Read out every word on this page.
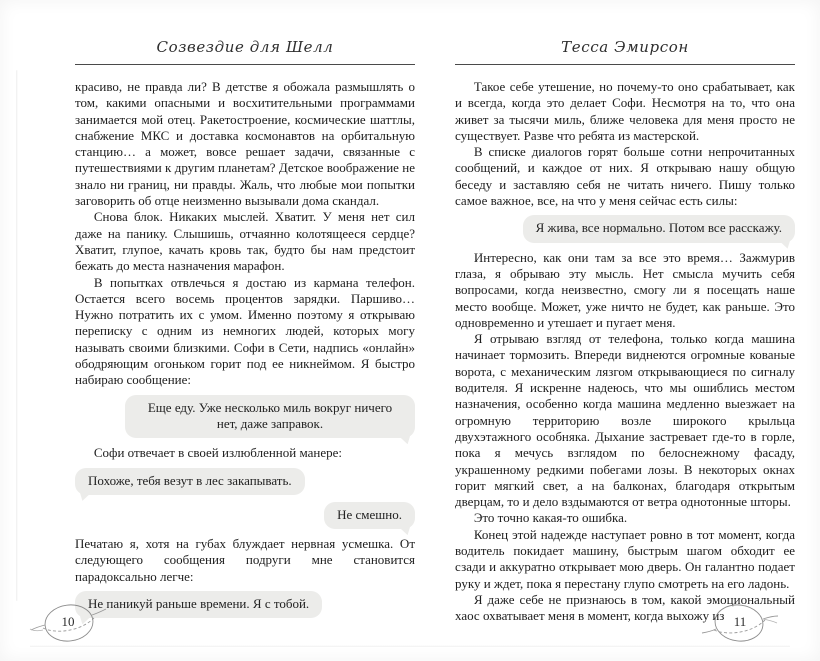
Созвездие для Шелл

красиво, не правда ли? В детстве я обожала размышлять о том, какими опасными и восхитительными программами занимается мой отец. Ракетостроение, космические шаттлы, снабжение МКС и доставка космонавтов на орбитальную станцию… а может, вовсе решает задачи, связанные с путешествиями к другим планетам? Детское воображение не знало ни границ, ни правды. Жаль, что любые мои попытки заговорить об отце неизменно вызывали дома скандал.

Снова блок. Никаких мыслей. Хватит. У меня нет сил даже на панику. Слышишь, отчаянно колотящееся сердце? Хватит, глупое, качать кровь так, будто бы нам предстоит бежать до места назначения марафон.

В попытках отвлечься я достаю из кармана телефон. Остается всего восемь процентов зарядки. Паршиво… Нужно потратить их с умом. Именно поэтому я открываю переписку с одним из немногих людей, которых могу называть своими близкими. Софи в Сети, надпись «онлайн» ободряющим огоньком горит под ее никнеймом. Я быстро набираю сообщение:

Еще еду. Уже несколько миль вокруг ничего нет, даже заправок.

Софи отвечает в своей излюбленной манере:

Похоже, тебя везут в лес закапывать.
Не смешно.

Печатаю я, хотя на губах блуждает нервная усмешка. От следующего сообщения подруги мне становится парадоксально легче:

Не паникуй раньше времени. Я с тобой.
Тесса Эмирсон

Такое себе утешение, но почему-то оно срабатывает, как и всегда, когда это делает Софи. Несмотря на то, что она живет за тысячи миль, ближе человека для меня просто не существует. Разве что ребята из мастерской.

В списке диалогов горят больше сотни непрочитанных сообщений, и каждое от них. Я открываю нашу общую беседу и заставляю себя не читать ничего. Пишу только самое важное, все, на что у меня сейчас есть силы:

Я жива, все нормально. Потом все расскажу.

Интересно, как они там за все это время… Зажмурив глаза, я обрываю эту мысль. Нет смысла мучить себя вопросами, когда неизвестно, смогу ли я посещать наше место вообще. Может, уже ничто не будет, как раньше. Это одновременно и утешает и пугает меня.

Я отрываю взгляд от телефона, только когда машина начинает тормозить. Впереди виднеются огромные кованые ворота, с механическим лязгом открывающиеся по сигналу водителя. Я искренне надеюсь, что мы ошиблись местом назначения, особенно когда машина медленно выезжает на огромную территорию возле широкого крыльца двухэтажного особняка. Дыхание застревает где-то в горле, пока я мечусь взглядом по белоснежному фасаду, украшенному редкими побегами лозы. В некоторых окнах горит мягкий свет, а на балконах, благодаря открытым дверцам, то и дело вздымаются от ветра однотонные шторы.

Это точно какая-то ошибка.

Конец этой надежде наступает ровно в тот момент, когда водитель покидает машину, быстрым шагом обходит ее сзади и аккуратно открывает мою дверь. Он галантно подает руку и ждет, пока я перестану глупо смотреть на его ладонь.

Я даже себе не признаюсь в том, какой эмоциональный хаос охватывает меня в момент, когда выхожу из

10	11
